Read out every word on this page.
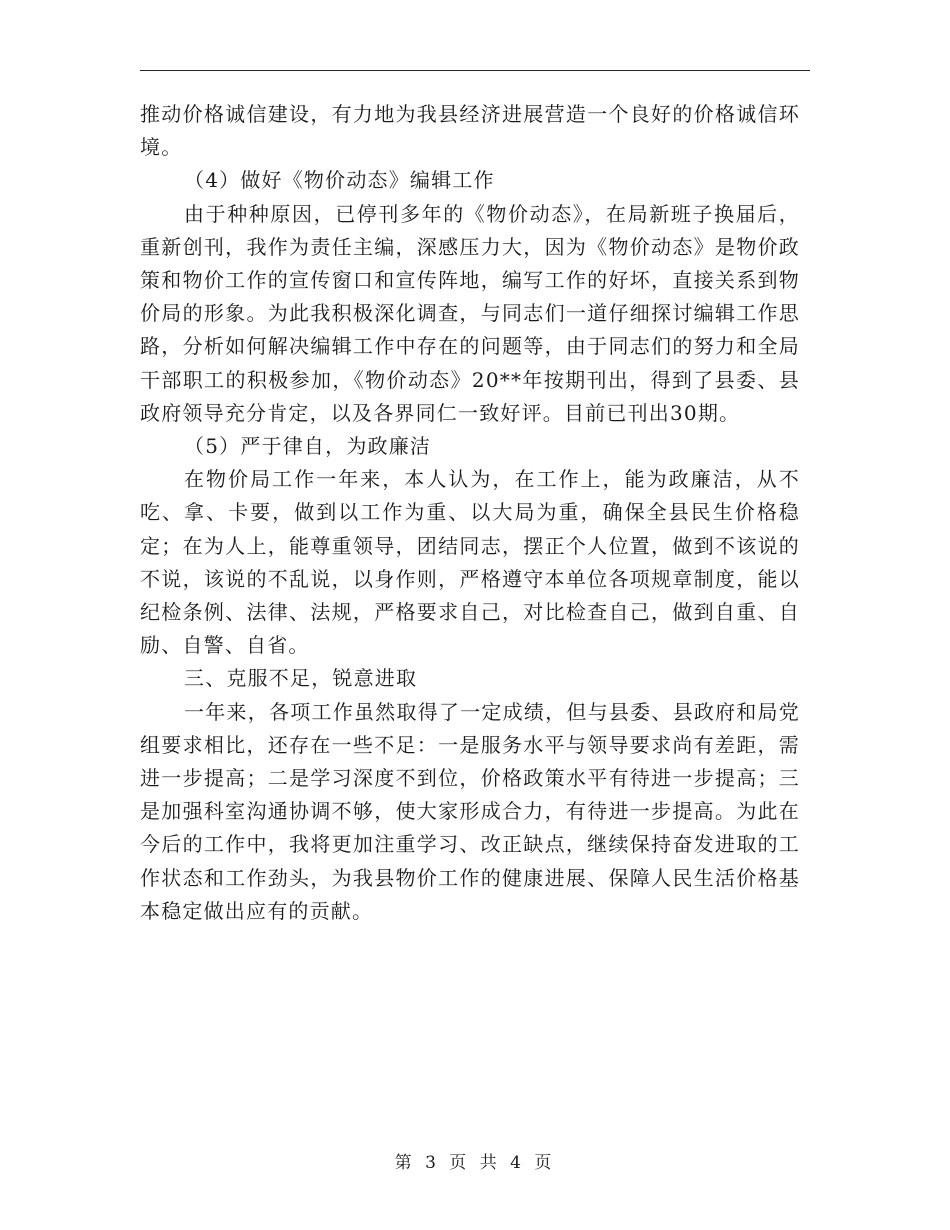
推动价格诚信建设，有力地为我县经济进展营造一个良好的价格诚信环境。

（4）做好《物价动态》编辑工作

由于种种原因，已停刊多年的《物价动态》，在局新班子换届后，重新创刊，我作为责任主编，深感压力大，因为《物价动态》是物价政策和物价工作的宣传窗口和宣传阵地，编写工作的好坏，直接关系到物价局的形象。为此我积极深化调查，与同志们一道仔细探讨编辑工作思路，分析如何解决编辑工作中存在的问题等，由于同志们的努力和全局干部职工的积极参加，《物价动态》20**年按期刊出，得到了县委、县政府领导充分肯定，以及各界同仁一致好评。目前已刊出30期。

（5）严于律自，为政廉洁

在物价局工作一年来，本人认为，在工作上，能为政廉洁，从不吃、拿、卡要，做到以工作为重、以大局为重，确保全县民生价格稳定；在为人上，能尊重领导，团结同志，摆正个人位置，做到不该说的不说，该说的不乱说，以身作则，严格遵守本单位各项规章制度，能以纪检条例、法律、法规，严格要求自己，对比检查自己，做到自重、自励、自警、自省。

三、克服不足，锐意进取

一年来，各项工作虽然取得了一定成绩，但与县委、县政府和局党组要求相比，还存在一些不足：一是服务水平与领导要求尚有差距，需进一步提高；二是学习深度不到位，价格政策水平有待进一步提高；三是加强科室沟通协调不够，使大家形成合力，有待进一步提高。为此在今后的工作中，我将更加注重学习、改正缺点，继续保持奋发进取的工作状态和工作劲头，为我县物价工作的健康进展、保障人民生活价格基本稳定做出应有的贡献。

第 3 页 共 4 页
